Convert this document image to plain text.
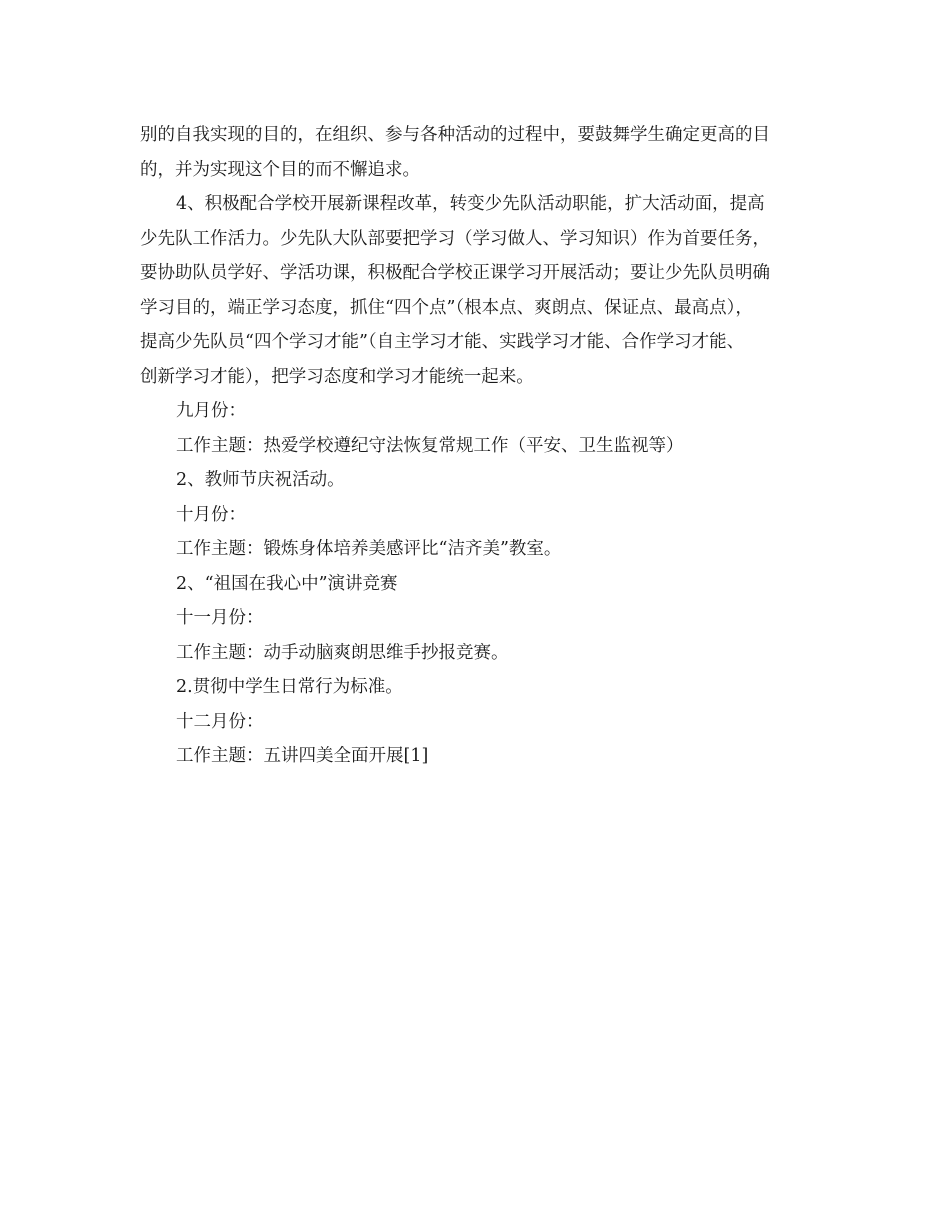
别的自我实现的目的，在组织、参与各种活动的过程中，要鼓舞学生确定更高的目
的，并为实现这个目的而不懈追求。
4、积极配合学校开展新课程改革，转变少先队活动职能，扩大活动面，提高
少先队工作活力。少先队大队部要把学习（学习做人、学习知识）作为首要任务，
要协助队员学好、学活功课，积极配合学校正课学习开展活动；要让少先队员明确
学习目的，端正学习态度，抓住“四个点”（根本点、爽朗点、保证点、最高点），
提高少先队员“四个学习才能”（自主学习才能、实践学习才能、合作学习才能、
创新学习才能），把学习态度和学习才能统一起来。
九月份：
工作主题：热爱学校遵纪守法恢复常规工作（平安、卫生监视等）
2、教师节庆祝活动。
十月份：
工作主题：锻炼身体培养美感评比“洁齐美”教室。
2、“祖国在我心中”演讲竞赛
十一月份：
工作主题：动手动脑爽朗思维手抄报竞赛。
2.贯彻中学生日常行为标准。
十二月份：
工作主题：五讲四美全面开展[1]
